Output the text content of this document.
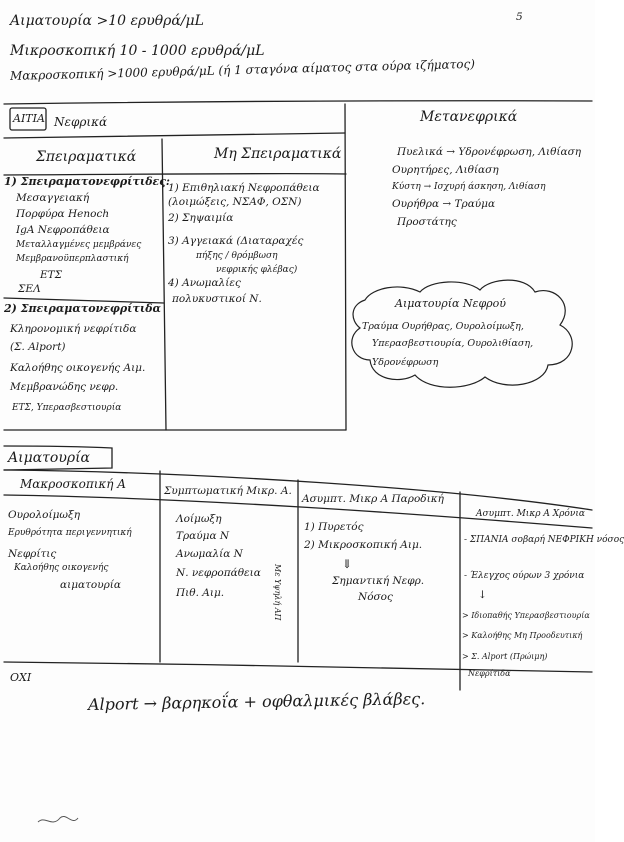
5
Αιματουρία >10 ερυθρά/μL
Μικροσκοπική 10 - 1000 ερυθρά/μL
Μακροσκοπική >1000 ερυθρά/μL (ή 1 σταγόνα αίματος στα ούρα ιζήματος)
ΑΙΤΙΑ Νεφρικά	Μετανεφρικά
Σπειραματικά	Μη Σπειραματικά
1) Σπειραματονεφρίτιδες:
Μεσαγγειακή
Πορφύρα Henoch
IgA Νεφροπάθεια
Μεταλλαγμένες μεμβράνες
Μεμβρανοϋπερπλαστική
ΕΤΣ
ΣΕΛ
2) Σπειραματονεφρίτιδα
Κληρονομική νεφρίτιδα
(Σ. Alport)
Καλοήθης οικογενής Αιμ.
Μεμβρανώδης νεφρ.
ΕΤΣ, Υπερασβεστιουρία
1) Επιθηλιακή Νεφροπάθεια
(λοιμώξεις, ΝΣΑΦ, ΟΣΝ)
2) Σηψαιμία
3) Αγγειακά (Διαταραχές
πήξης / θρόμβωση
νεφρικής φλέβας)
4) Ανωμαλίες
πολυκυστικοί Ν.
Πυελικά → Υδρονέφρωση, Λιθίαση
Ουρητήρες, Λιθίαση
Κύστη → Ισχυρή άσκηση, Λιθίαση
Ουρήθρα → Τραύμα
Προστάτης
Αιματουρία Νεφρού
Τραύμα Ουρήθρας, Ουρολοίμωξη,
Υπερασβεστιουρία, Ουρολιθίαση,
Υδρονέφρωση
Αιματουρία
Μακροσκοπική Α	Συμπτωματική Μικρ. Α.
Ασυμπτ. Μικρ Α Παροδική
Ασυμπτ. Μικρ Α Χρόνια
Ουρολοίμωξη
Ερυθρότητα περιγεννητική
Νεφρίτις
Καλοήθης οικογενής
αιματουρία
Λοίμωξη
Τραύμα Ν
Ανωμαλία Ν
Ν. νεφροπάθεια
Πιθ. Αιμ.	Με Υψηλή ΑΠ
1) Πυρετός
2) Μικροσκοπική Αιμ.
⇓
Σημαντική Νεφρ.
Νόσος
- ΣΠΑΝΙΑ σοβαρή ΝΕΦΡΙΚΗ νόσος
- Έλεγχος ούρων 3 χρόνια
↓
> Ιδιοπαθής Υπερασβεστιουρία
> Καλοήθης Μη Προοδευτική
> Σ. Alport (Πρώιμη)
Νεφρίτιδα
ΟΧΙ
Alport → βαρηκοΐα + οφθαλμικές βλάβες.
